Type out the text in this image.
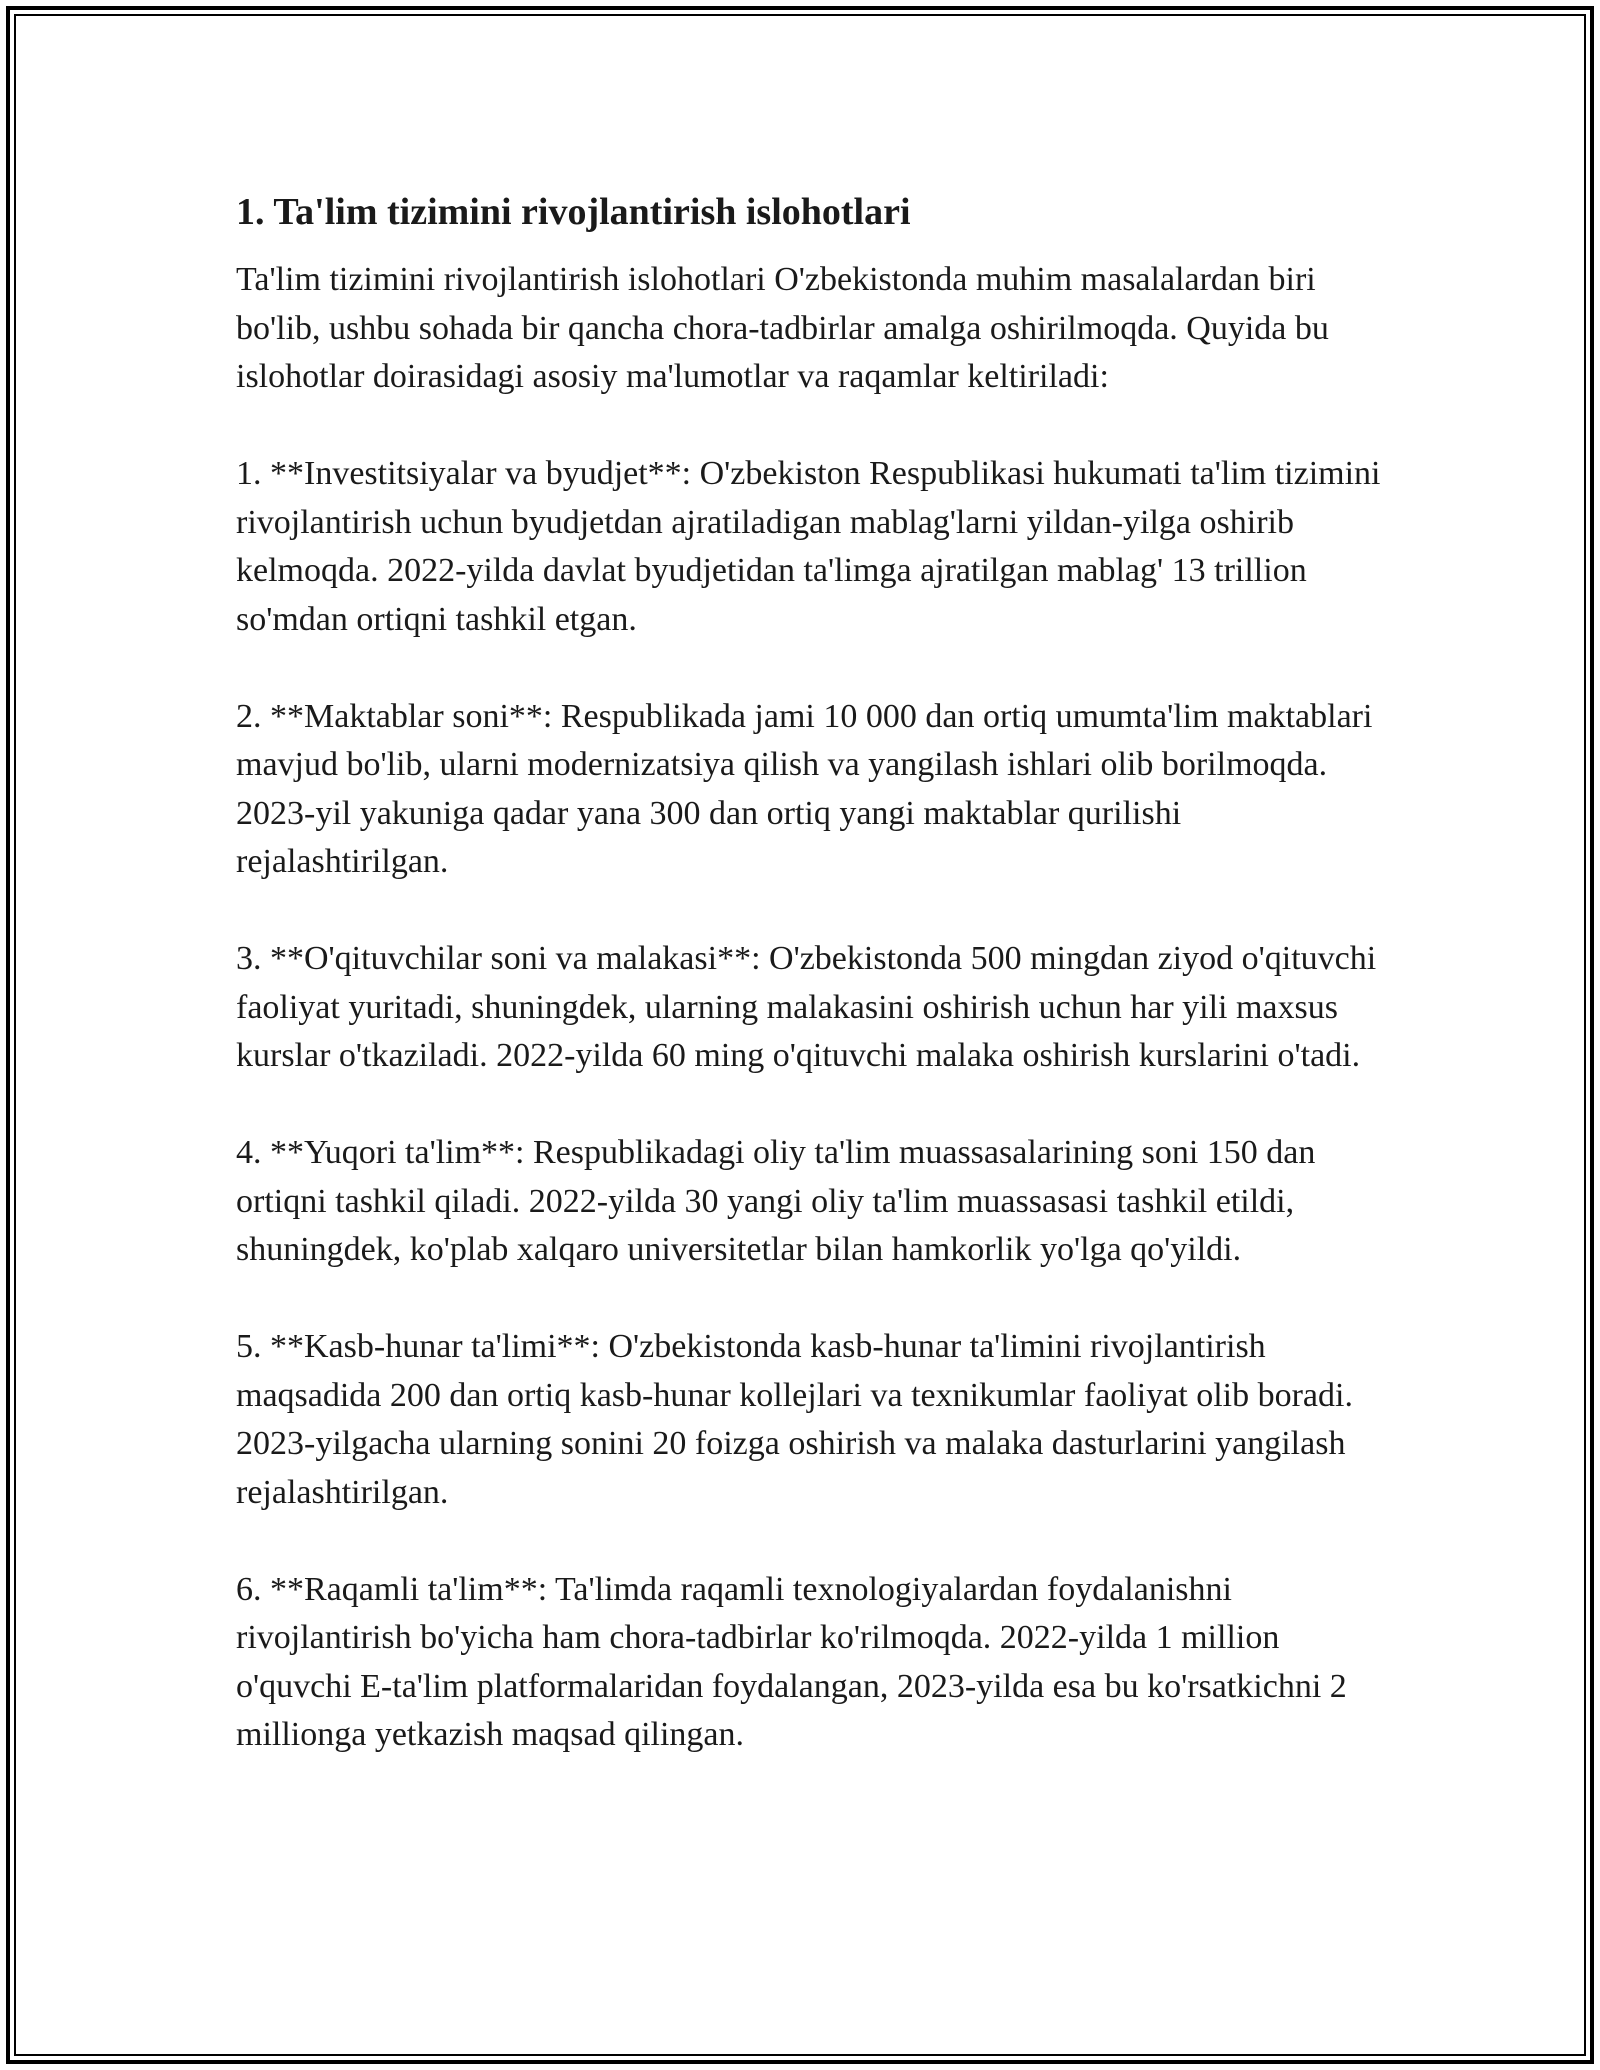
1. Ta'lim tizimini rivojlantirish islohotlari

Ta'lim tizimini rivojlantirish islohotlari O'zbekistonda muhim masalalardan biri bo'lib, ushbu sohada bir qancha chora-tadbirlar amalga oshirilmoqda. Quyida bu islohotlar doirasidagi asosiy ma'lumotlar va raqamlar keltiriladi:

1. **Investitsiyalar va byudjet**: O'zbekiston Respublikasi hukumati ta'lim tizimini rivojlantirish uchun byudjetdan ajratiladigan mablag'larni yildan-yilga oshirib kelmoqda. 2022-yilda davlat byudjetidan ta'limga ajratilgan mablag' 13 trillion so'mdan ortiqni tashkil etgan.

2. **Maktablar soni**: Respublikada jami 10 000 dan ortiq umumta'lim maktablari mavjud bo'lib, ularni modernizatsiya qilish va yangilash ishlari olib borilmoqda. 2023-yil yakuniga qadar yana 300 dan ortiq yangi maktablar qurilishi rejalashtirilgan.

3. **O'qituvchilar soni va malakasi**: O'zbekistonda 500 mingdan ziyod o'qituvchi faoliyat yuritadi, shuningdek, ularning malakasini oshirish uchun har yili maxsus kurslar o'tkaziladi. 2022-yilda 60 ming o'qituvchi malaka oshirish kurslarini o'tadi.

4. **Yuqori ta'lim**: Respublikadagi oliy ta'lim muassasalarining soni 150 dan ortiqni tashkil qiladi. 2022-yilda 30 yangi oliy ta'lim muassasasi tashkil etildi, shuningdek, ko'plab xalqaro universitetlar bilan hamkorlik yo'lga qo'yildi.

5. **Kasb-hunar ta'limi**: O'zbekistonda kasb-hunar ta'limini rivojlantirish maqsadida 200 dan ortiq kasb-hunar kollejlari va texnikumlar faoliyat olib boradi. 2023-yilgacha ularning sonini 20 foizga oshirish va malaka dasturlarini yangilash rejalashtirilgan.

6. **Raqamli ta'lim**: Ta'limda raqamli texnologiyalardan foydalanishni rivojlantirish bo'yicha ham chora-tadbirlar ko'rilmoqda. 2022-yilda 1 million o'quvchi E-ta'lim platformalaridan foydalangan, 2023-yilda esa bu ko'rsatkichni 2 millionga yetkazish maqsad qilingan.
